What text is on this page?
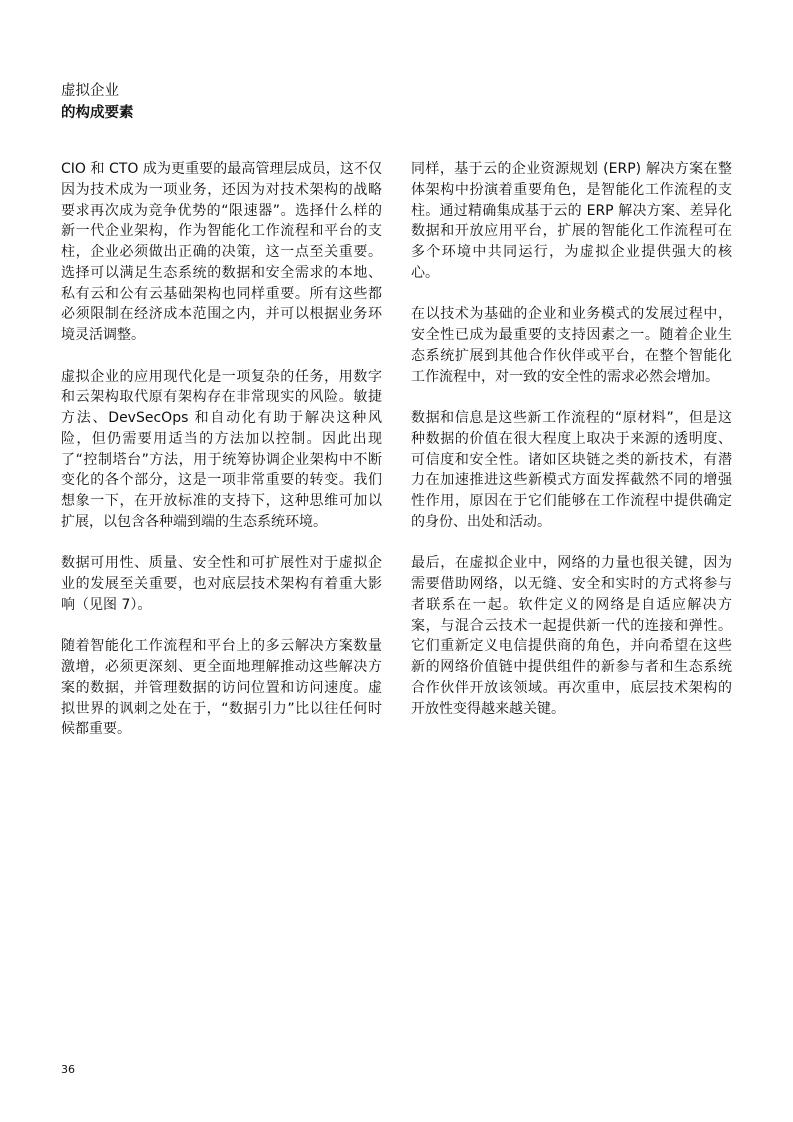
虚拟企业
的构成要素

CIO 和 CTO 成为更重要的最高管理层成员，这不仅因为技术成为一项业务，还因为对技术架构的战略要求再次成为竞争优势的“限速器”。选择什么样的新一代企业架构，作为智能化工作流程和平台的支柱，企业必须做出正确的决策，这一点至关重要。选择可以满足生态系统的数据和安全需求的本地、私有云和公有云基础架构也同样重要。所有这些都必须限制在经济成本范围之内，并可以根据业务环境灵活调整。

虚拟企业的应用现代化是一项复杂的任务，用数字和云架构取代原有架构存在非常现实的风险。敏捷方法、DevSecOps 和自动化有助于解决这种风险，但仍需要用适当的方法加以控制。因此出现了“控制塔台”方法，用于统筹协调企业架构中不断变化的各个部分，这是一项非常重要的转变。我们想象一下，在开放标准的支持下，这种思维可加以扩展，以包含各种端到端的生态系统环境。

数据可用性、质量、安全性和可扩展性对于虚拟企业的发展至关重要，也对底层技术架构有着重大影响（见图 7）。

随着智能化工作流程和平台上的多云解决方案数量激增，必须更深刻、更全面地理解推动这些解决方案的数据，并管理数据的访问位置和访问速度。虚拟世界的讽刺之处在于，“数据引力”比以往任何时候都重要。

同样，基于云的企业资源规划 (ERP) 解决方案在整体架构中扮演着重要角色，是智能化工作流程的支柱。通过精确集成基于云的 ERP 解决方案、差异化数据和开放应用平台，扩展的智能化工作流程可在多个环境中共同运行，为虚拟企业提供强大的核心。

在以技术为基础的企业和业务模式的发展过程中，安全性已成为最重要的支持因素之一。随着企业生态系统扩展到其他合作伙伴或平台，在整个智能化工作流程中，对一致的安全性的需求必然会增加。

数据和信息是这些新工作流程的“原材料”，但是这种数据的价值在很大程度上取决于来源的透明度、可信度和安全性。诸如区块链之类的新技术，有潜力在加速推进这些新模式方面发挥截然不同的增强性作用，原因在于它们能够在工作流程中提供确定的身份、出处和活动。

最后，在虚拟企业中，网络的力量也很关键，因为需要借助网络，以无缝、安全和实时的方式将参与者联系在一起。软件定义的网络是自适应解决方案，与混合云技术一起提供新一代的连接和弹性。它们重新定义电信提供商的角色，并向希望在这些新的网络价值链中提供组件的新参与者和生态系统合作伙伴开放该领域。再次重申，底层技术架构的开放性变得越来越关键。

36
